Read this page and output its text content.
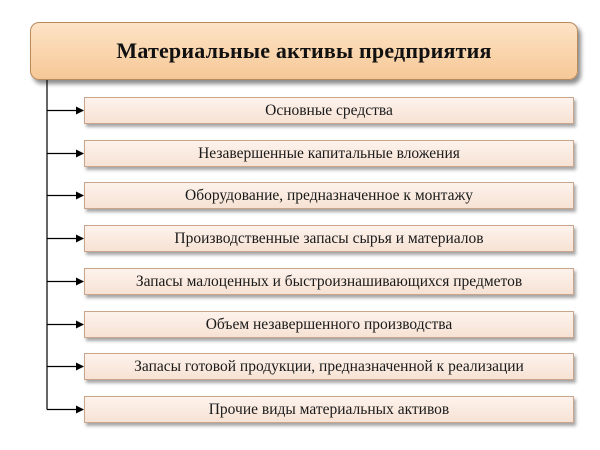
Материальные активы предприятия
Основные средства
Незавершенные капитальные вложения
Оборудование, предназначенное к монтажу
Производственные запасы сырья и материалов
Запасы малоценных и быстроизнашивающихся предметов
Объем незавершенного производства
Запасы готовой продукции, предназначенной к реализации
Прочие виды материальных активов
